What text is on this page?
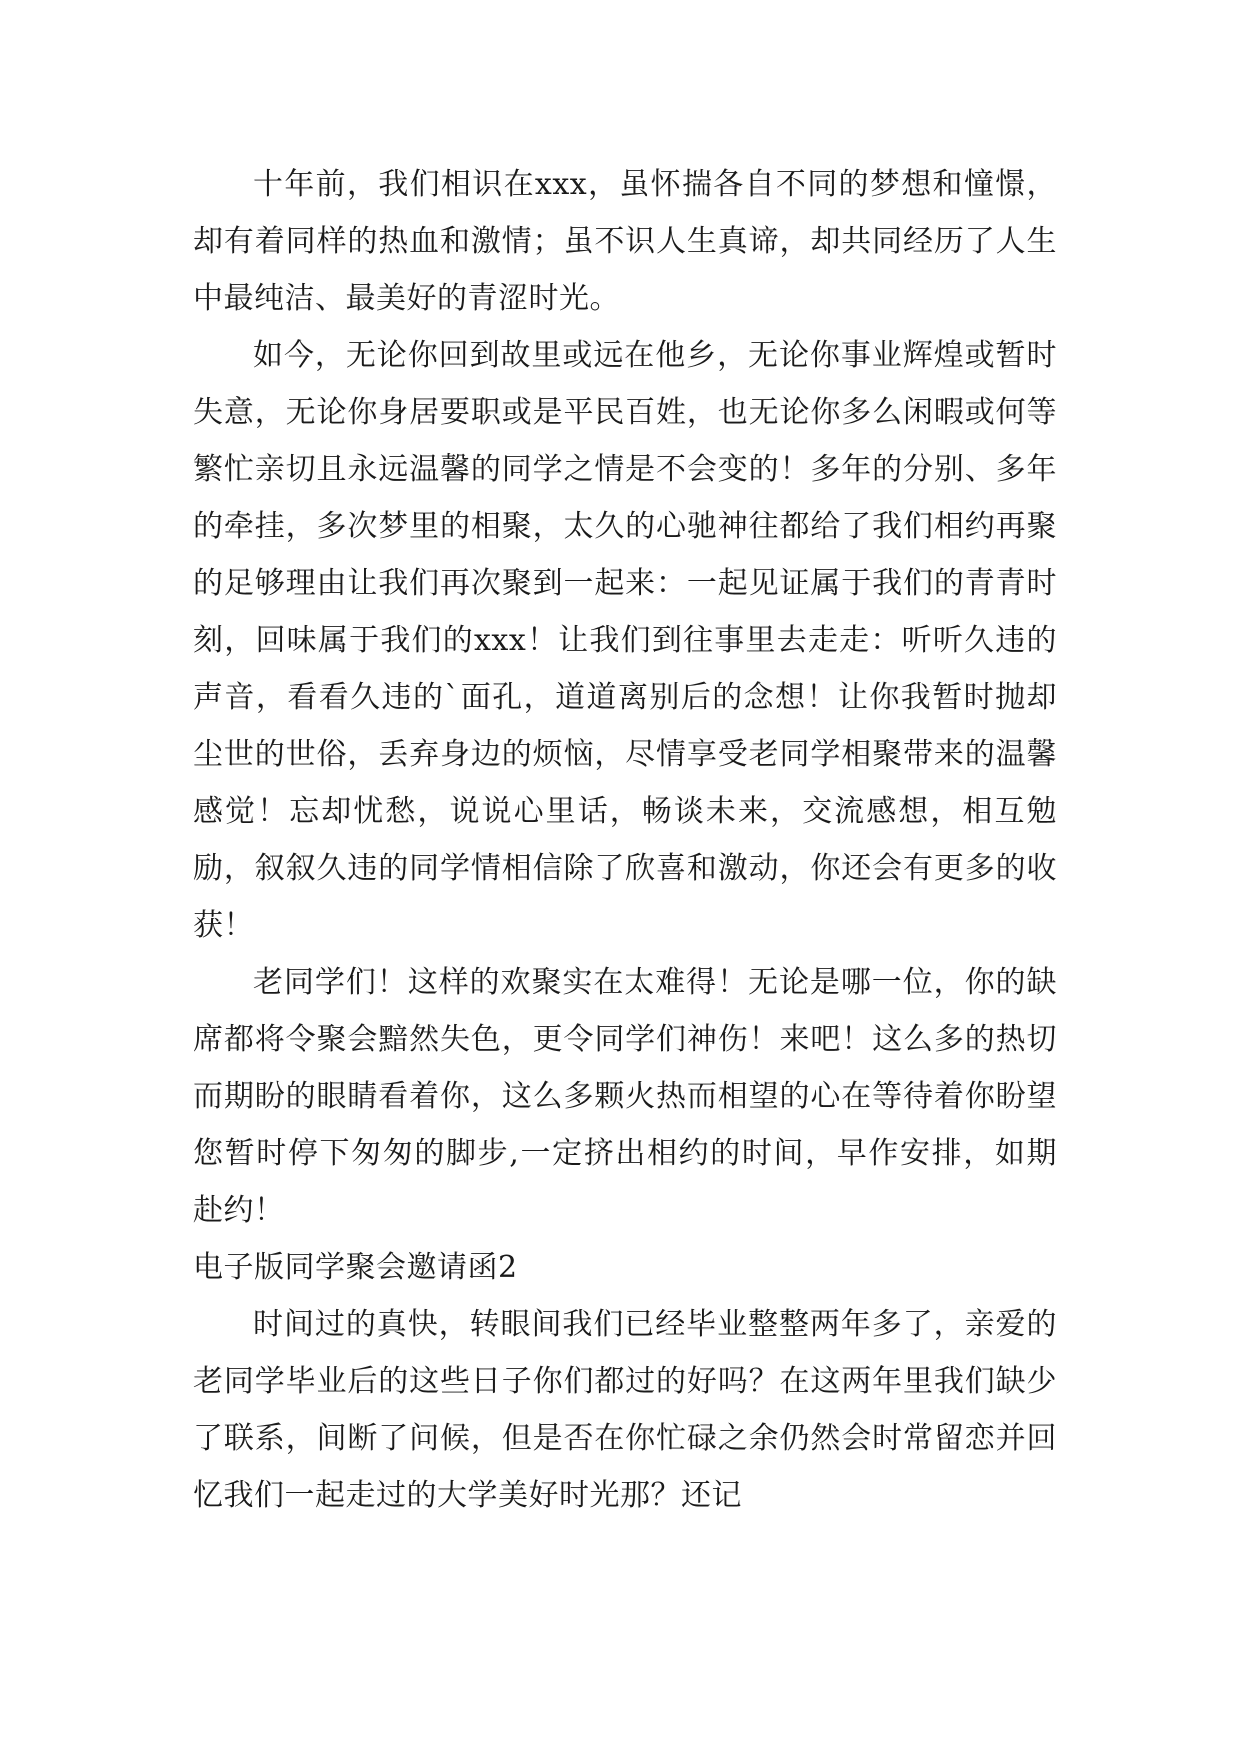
十年前，我们相识在xxx，虽怀揣各自不同的梦想和憧憬，却有着同样的热血和激情；虽不识人生真谛，却共同经历了人生中最纯洁、最美好的青涩时光。

如今，无论你回到故里或远在他乡，无论你事业辉煌或暂时失意，无论你身居要职或是平民百姓，也无论你多么闲暇或何等繁忙亲切且永远温馨的同学之情是不会变的！多年的分别、多年的牵挂，多次梦里的相聚，太久的心驰神往都给了我们相约再聚的足够理由让我们再次聚到一起来：一起见证属于我们的青青时刻，回味属于我们的xxx！让我们到往事里去走走：听听久违的声音，看看久违的`面孔，道道离别后的念想！让你我暂时抛却尘世的世俗，丢弃身边的烦恼，尽情享受老同学相聚带来的温馨感觉！忘却忧愁，说说心里话，畅谈未来，交流感想，相互勉励，叙叙久违的同学情相信除了欣喜和激动，你还会有更多的收获！

老同学们！这样的欢聚实在太难得！无论是哪一位，你的缺席都将令聚会黯然失色，更令同学们神伤！来吧！这么多的热切而期盼的眼睛看着你，这么多颗火热而相望的心在等待着你盼望您暂时停下匆匆的脚步,一定挤出相约的时间，早作安排，如期赴约！

电子版同学聚会邀请函2

时间过的真快，转眼间我们已经毕业整整两年多了，亲爱的老同学毕业后的这些日子你们都过的好吗？在这两年里我们缺少了联系，间断了问候，但是否在你忙碌之余仍然会时常留恋并回忆我们一起走过的大学美好时光那？还记
